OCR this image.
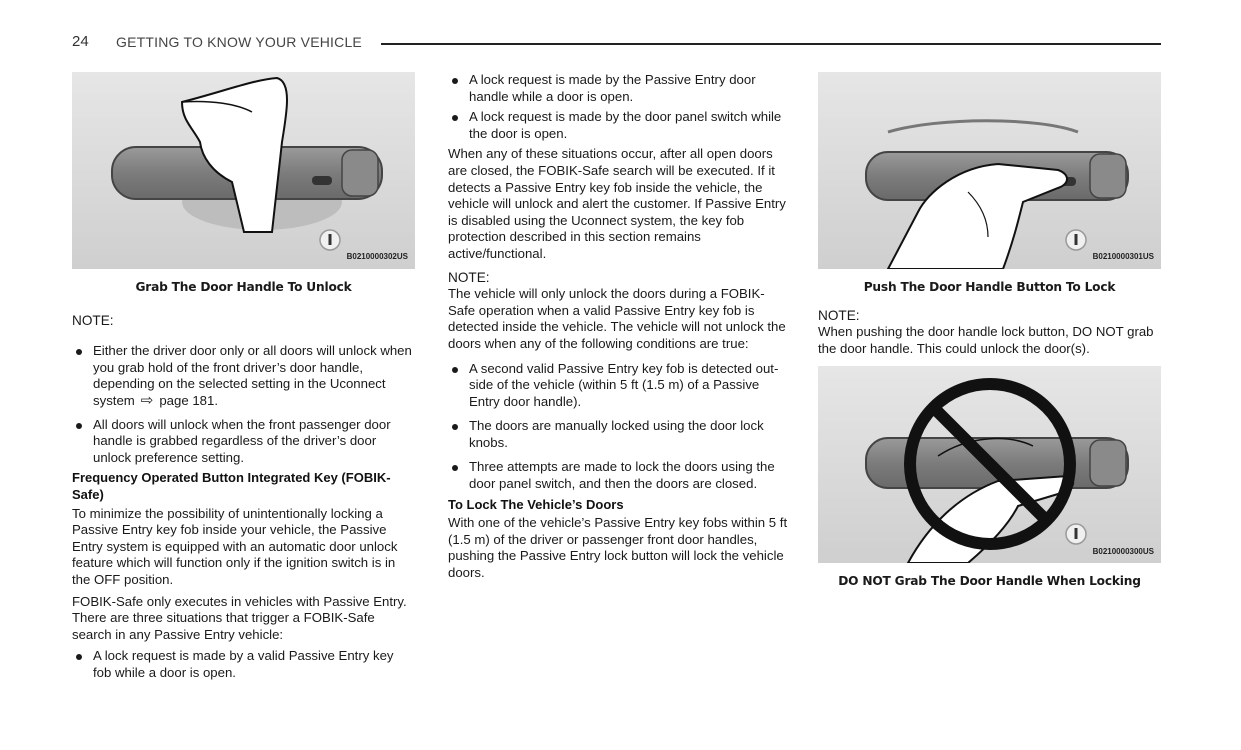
24 GETTING TO KNOW YOUR VEHICLE
B0210000302US
Grab The Door Handle To Unlock

NOTE:

Either the driver door only or all doors will unlock when you grab hold of the front driver’s door handle, depending on the selected setting in the Uconnect system ⇨ page 181.
All doors will unlock when the front passenger door handle is grabbed regardless of the driver’s door unlock preference setting.

Frequency Operated Button Integrated Key (FOBIK-Safe)

To minimize the possibility of unintentionally locking a Passive Entry key fob inside your vehicle, the Passive Entry system is equipped with an automatic door unlock feature which will function only if the ignition switch is in the OFF position.

FOBIK-Safe only executes in vehicles with Passive Entry. There are three situations that trigger a FOBIK-Safe search in any Passive Entry vehicle:

A lock request is made by a valid Passive Entry key fob while a door is open.
A lock request is made by the Passive Entry door handle while a door is open.
A lock request is made by the door panel switch while the door is open.

When any of these situations occur, after all open doors are closed, the FOBIK-Safe search will be executed. If it detects a Passive Entry key fob inside the vehicle, the vehicle will unlock and alert the customer. If Passive Entry is disabled using the Uconnect system, the key fob protection described in this section remains active/functional.

NOTE:

The vehicle will only unlock the doors during a FOBIK-Safe operation when a valid Passive Entry key fob is detected inside the vehicle. The vehicle will not unlock the doors when any of the following conditions are true:

A second valid Passive Entry key fob is detected out-side of the vehicle (within 5 ft (1.5 m) of a Passive Entry door handle).
The doors are manually locked using the door lock knobs.
Three attempts are made to lock the doors using the door panel switch, and then the doors are closed.

To Lock The Vehicle’s Doors

With one of the vehicle’s Passive Entry key fobs within 5 ft (1.5 m) of the driver or passenger front door handles, pushing the Passive Entry lock button will lock the vehicle doors.

B0210000301US
Push The Door Handle Button To Lock

NOTE:

When pushing the door handle lock button, DO NOT grab the door handle. This could unlock the door(s).

B0210000300US
DO NOT Grab The Door Handle When Locking
